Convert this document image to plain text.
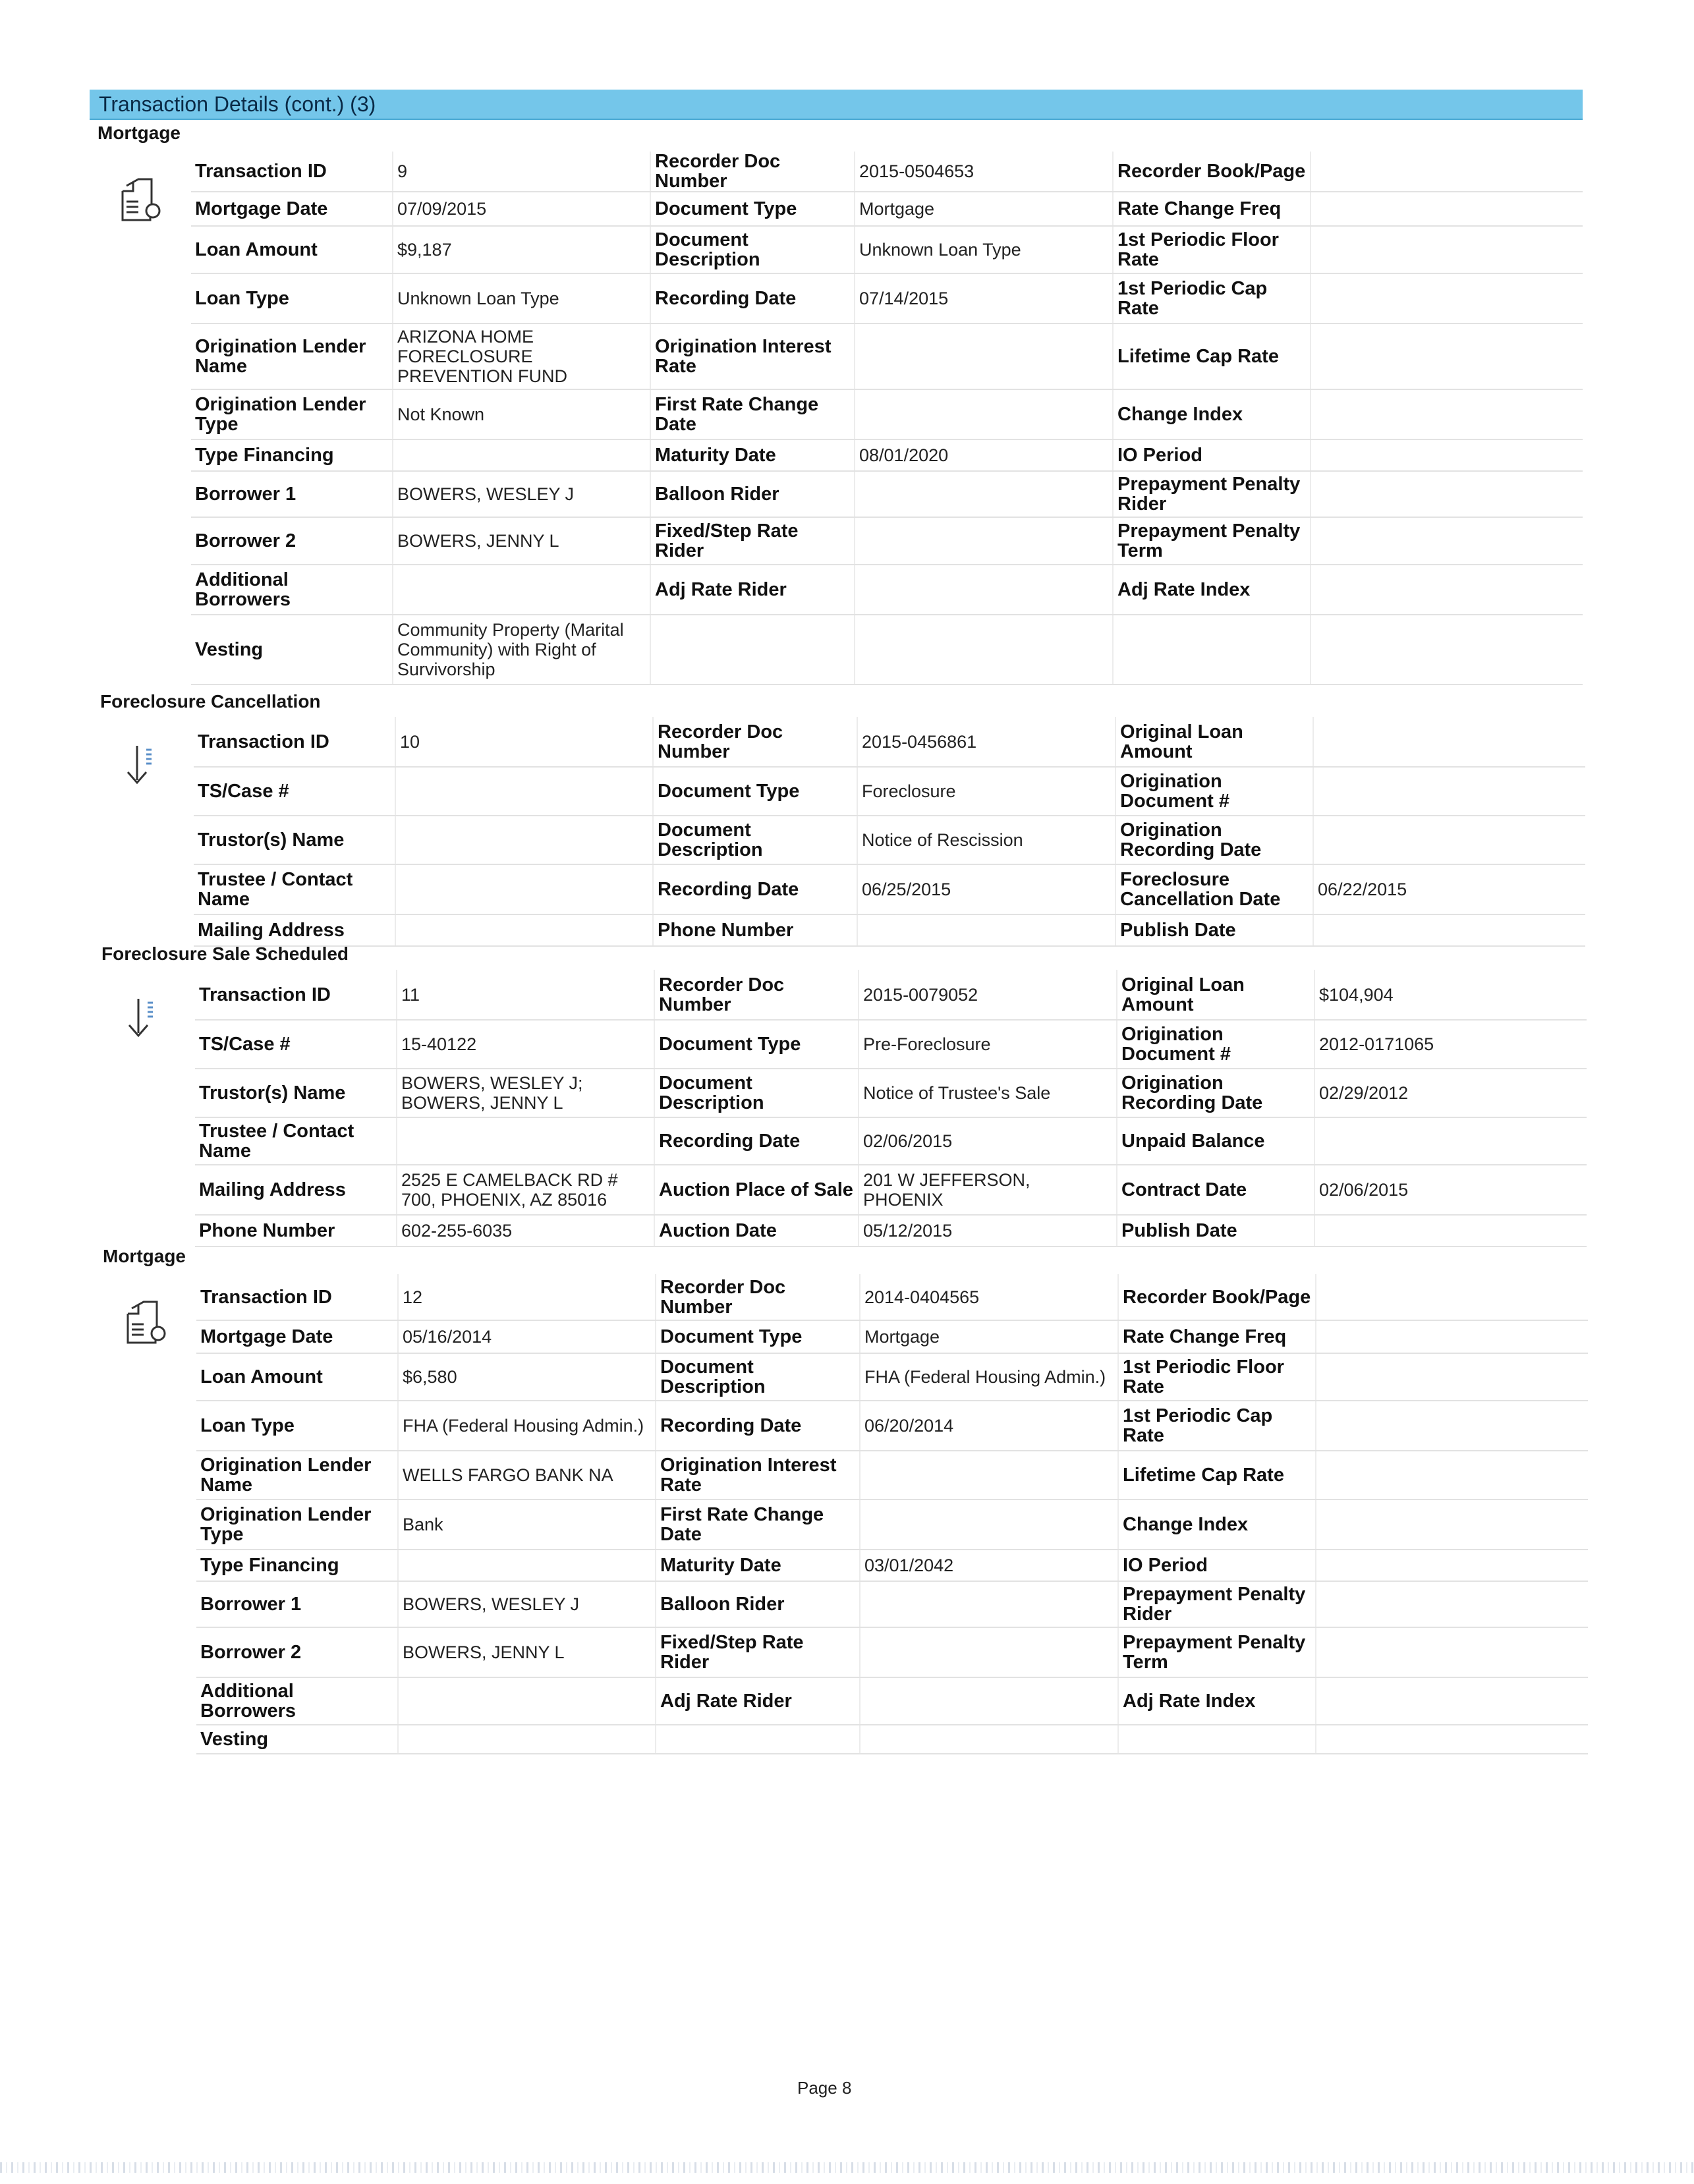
Transaction Details (cont.) (3)
Mortgage
Transaction ID	9	Recorder Doc Number	2015-0504653	Recorder Book/Page	
Mortgage Date	07/09/2015	Document Type	Mortgage	Rate Change Freq	
Loan Amount	$9,187	Document Description	Unknown Loan Type	1st Periodic Floor Rate	
Loan Type	Unknown Loan Type	Recording Date	07/14/2015	1st Periodic Cap Rate	
Origination Lender Name	ARIZONA HOME FORECLOSURE PREVENTION FUND	Origination Interest Rate		Lifetime Cap Rate	
Origination Lender Type	Not Known	First Rate Change Date		Change Index	
Type Financing		Maturity Date	08/01/2020	IO Period	
Borrower 1	BOWERS, WESLEY J	Balloon Rider		Prepayment Penalty Rider	
Borrower 2	BOWERS, JENNY L	Fixed/Step Rate Rider		Prepayment Penalty Term	
Additional Borrowers		Adj Rate Rider		Adj Rate Index	
Vesting	Community Property (Marital Community) with Right of Survivorship				
Foreclosure Cancellation
Transaction ID	10	Recorder Doc Number	2015-0456861	Original Loan Amount	
TS/Case #		Document Type	Foreclosure	Origination Document #	
Trustor(s) Name		Document Description	Notice of Rescission	Origination Recording Date	
Trustee / Contact Name		Recording Date	06/25/2015	Foreclosure Cancellation Date	06/22/2015
Mailing Address		Phone Number		Publish Date	
Foreclosure Sale Scheduled
Transaction ID	11	Recorder Doc Number	2015-0079052	Original Loan Amount	$104,904
TS/Case #	15-40122	Document Type	Pre-Foreclosure	Origination Document #	2012-0171065
Trustor(s) Name	BOWERS, WESLEY J; BOWERS, JENNY L	Document Description	Notice of Trustee's Sale	Origination Recording Date	02/29/2012
Trustee / Contact Name		Recording Date	02/06/2015	Unpaid Balance	
Mailing Address	2525 E CAMELBACK RD # 700, PHOENIX, AZ 85016	Auction Place of Sale	201 W JEFFERSON, PHOENIX	Contract Date	02/06/2015
Phone Number	602-255-6035	Auction Date	05/12/2015	Publish Date	
Mortgage
Transaction ID	12	Recorder Doc Number	2014-0404565	Recorder Book/Page	
Mortgage Date	05/16/2014	Document Type	Mortgage	Rate Change Freq	
Loan Amount	$6,580	Document Description	FHA (Federal Housing Admin.)	1st Periodic Floor Rate	
Loan Type	FHA (Federal Housing Admin.)	Recording Date	06/20/2014	1st Periodic Cap Rate	
Origination Lender Name	WELLS FARGO BANK NA	Origination Interest Rate		Lifetime Cap Rate	
Origination Lender Type	Bank	First Rate Change Date		Change Index	
Type Financing		Maturity Date	03/01/2042	IO Period	
Borrower 1	BOWERS, WESLEY J	Balloon Rider		Prepayment Penalty Rider	
Borrower 2	BOWERS, JENNY L	Fixed/Step Rate Rider		Prepayment Penalty Term	
Additional Borrowers		Adj Rate Rider		Adj Rate Index	
Vesting					
Page 8
